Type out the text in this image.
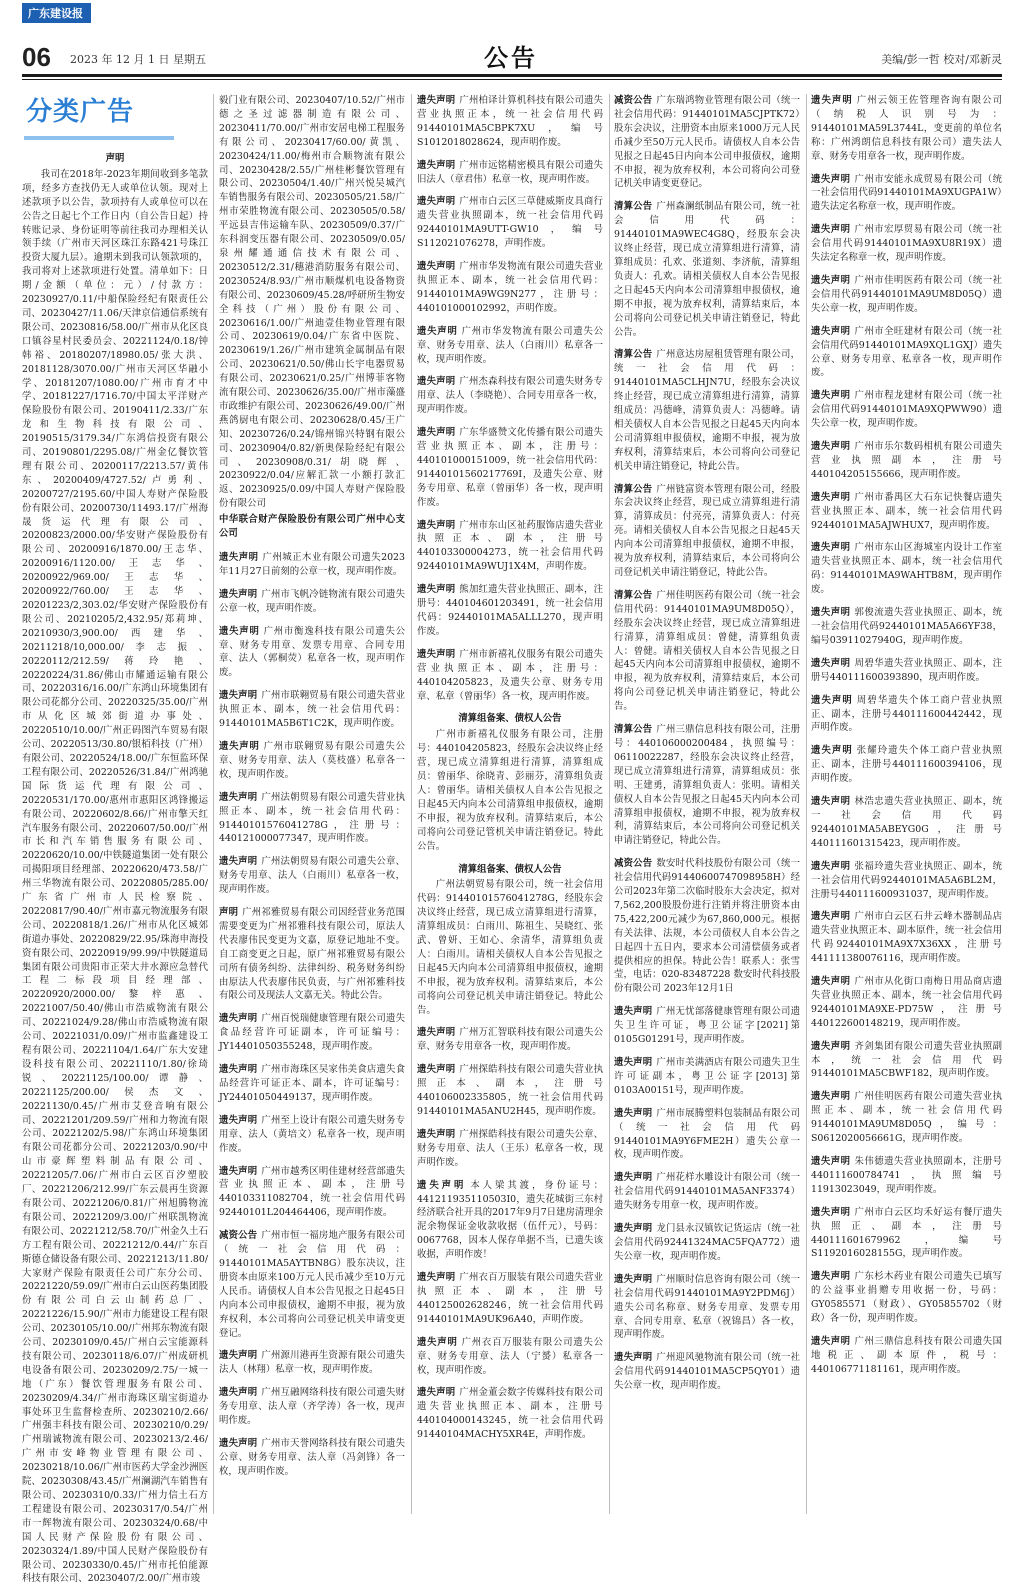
广东建设报
06 2023 年 12 月 1 日 星期五	公告	美编/彭一哲 校对/邓新灵
分类广告
声明
我司在2018年-2023年期间收到多笔款项，经多方查找仍无人或单位认领。现对上述款项予以公告，款项持有人或单位可以在公告之日起七个工作日内（自公告日起）持转账记录、身份证明等前往我司办理相关认领手续（广州市天河区珠江东路421号珠江投资大厦九层）。逾期未到我司认领款项的，我司将对上述款项进行处置。清单如下：日期/金额（单位：元）/付款方：20230927/0.11/中船保险经纪有限责任公司、20230427/11.06/天津京信通信系统有限公司、20230816/58.00/广州市从化区良口镇谷星村民委员会、20221124/0.18/钟韩裕、20180207/18980.05/张大洪、20181128/3070.00/广州市天河区华融小学、20181207/1080.00/广州市育才中学、20181227/1716.70/中国太平洋财产保险股份有限公司、20190411/2.33/广东龙和生物科技有限公司、20190515/3179.34/广东鸿信投资有限公司、20190801/2295.08/广州金亿餐饮管理有限公司、20200117/2213.57/黄伟东、20200409/4727.52/卢勇利、20200727/2195.60/中国人寿财产保险股份有限公司、20200730/11493.17/广州海晟货运代理有限公司、20200823/2000.00/华安财产保险股份有限公司、20200916/1870.00/王志华、20200916/1120.00/王志华、20200922/969.00/王志华、20200922/760.00/王志华、20201223/2,303.02/华安财产保险股份有限公司、20210205/2,432.95/郑莉坤、20210930/3,900.00/西建华、20211218/10,000.00/李志振、20220112/212.59/蒋玲艳、20220224/31.86/佛山市耀通运输有限公司、20220316/16.00/广东鸿山环境集团有限公司花都分公司、20220325/35.00/广州市从化区城郊街道办事处、20220510/10.00/广州正码图汽车贸易有限公司、20220513/30.80/银栢科技（广州）有限公司、20220524/18.00/广东恒监环保工程有限公司、20220526/31.84/广州鸿驰国际货运代理有限公司、20220531/170.00/惠州市惠阳区鸿锋搬运有限公司、20220602/8.66/广州市擎天红汽车服务有限公司、20220607/50.00/广州市长和汽车销售服务有限公司、20220620/10.00/中铁隧道集团一处有限公司揭阳项目经理部、20220620/473.58/广州三华物流有限公司、20220805/285.00/广东省广州市人民检察院、20220817/90.40/广州市嘉元物流服务有限公司、20220818/1.26/广州市从化区城郊街道办事处、20220829/22.95/珠海申海投资有限公司、20220919/99.99/中铁隧道局集团有限公司贵阳市正荣大井水源应急替代工程二标段项目经理部、20220920/2000.00/黎梓惠、20221007/50.40/佛山市浩威物流有限公司、20221024/9.28/佛山市浩威物流有限公司、20221031/0.09/广州市监鑫建设工程有限公司、20221104/1.64/广东大安建设科技有限公司、20221110/1.80/徐琦锐、20221125/100.00/谭静、20221125/200.00/侯杰文、20221130/0.45/广州市艾登音响有限公司、20221201/209.59/广州和力物流有限公司、20221202/5.98/广东鸿山环境集团有限公司花都分公司、20221203/0.90/中山市豪辉塑料制品有限公司、20221205/7.06/广州市白云区百汐塑胶厂、20221206/212.99/广东云晨再生资源有限公司、20221206/0.81/广州旭腾物流有限公司、20221209/3.00/广州联凯物流有限公司、20221212/58.70/广州金久土石方工程有限公司、20221212/0.44/广东百斯德仓储设备有限公司、20221213/11.80/大家财产保险有限责任公司广东分公司、20221220/59.09/广州市白云山医药集团股份有限公司白云山制药总厂、20221226/15.90/广州市力能建设工程有限公司、20230105/10.00/广州邦东物流有限公司、20230109/0.45/广州白云宝能源科技有限公司、20230118/6.07/广州成研机电设备有限公司、20230209/2.75/一城一地（广东）餐饮管理服务有限公司、20230209/4.34/广州市海珠区瑞宝街道办事处环卫生监督检查所、20230210/2.66/广州强丰科技有限公司、20230210/0.29/广州瑞诚物流有限公司、20230213/2.46/广州市安峰物业管理有限公司、20230218/10.06/广州市医药大学金沙洲医院、20230308/43.45/广州澜湖汽车销售有限公司、20230310/0.33/广州力信土石方工程建设有限公司、20230317/0.54/广州市一辉物流有限公司、20230324/0.68/中国人民财产保险股份有限公司、20230324/1.89/中国人民财产保险股份有限公司、20230330/0.45/广州市托伯能源科技有限公司、20230407/2.00/广州市竣
毅门业有限公司、20230407/10.52/广州市德之圣过滤器制造有限公司、20230411/70.00/广州市安居电梯工程服务有限公司、20230417/60.00/黄凯、20230424/11.00/梅州市合顺物流有限公司、20230428/2.55/广州桂彬餐饮管理有限公司、20230504/1.40/广州兴悦吴城汽车销售服务有限公司、20230505/21.58/广州市荣胜物流有限公司、20230505/0.58/平远县吉伟运输车队、20230509/0.37/广东科润变压器有限公司、20230509/0.05/泉州耀通通信技术有限公司、20230512/2.31/穗港消防服务有限公司、20230524/8.93/广州市顺煤机电设备物资有限公司、20230609/45.28/呼研所生物安全科技（广州）股份有限公司、20230616/1.00/广州迪壹佳物业管理有限公司、20230619/0.04/广东省中医院、20230619/1.26/广州市建筑金属制品有限公司、20230621/0.50/佛山长宇电器贸易有限公司、20230621/0.25/广州博菲客物流有限公司、20230626/35.00/广州市藻盛市政维护有限公司、20230626/49.00/广州燕鸽厨电有限公司、20230628/0.45/王广知、20230726/0.24/锦州锦兴特钢有限公司、20230904/0.82/新奥保险经纪有限公司、20230908/0.31/胡晓辉、20230922/0.04/应解汇款一小额打款汇返、20230925/0.09/中国人寿财产保险股份有限公司
中华联合财产保险股份有限公司广州中心支公司
遗失声明 广州城正木业有限公司遗失2023年11月27日前刻的公章一枚，现声明作废。
遗失声明 广州市飞帆冷链物流有限公司遗失公章一枚，现声明作废。
遗失声明 广州市衡逸科技有限公司遗失公章、财务专用章、发票专用章、合同专用章、法人（郭桐荧）私章各一枚，现声明作废。
遗失声明 广州市联翱贸易有限公司遗失营业执照正本、副本，统一社会信用代码：91440101MA5B6T1C2K，现声明作废。
遗失声明 广州市联翱贸易有限公司遗失公章、财务专用章、法人（莫枝盛）私章各一枚，现声明作废。
遗失声明 广州法朝贸易有限公司遗失营业执照正本、副本，统一社会信用代码：91440101576041278G，注册号：440121000077347，现声明作废。
遗失声明 广州法朝贸易有限公司遗失公章、财务专用章、法人（白雨川）私章各一枚，现声明作废。
声明 广州祁雅贸易有限公司因经营业务范围需要变更为广州祁雅科技有限公司，原法人代表廖伟民变更为文嘉，原登记地址不变。自工商变更之日起，原广州祁雅贸易有限公司所有债务纠纷、法律纠纷、税务财务纠纷由原法人代表廖伟民负责，与广州祁雅科技有限公司及现法人文嘉无关。特此公告。
遗失声明 广州百悦瑞健康管理有限公司遗失食品经营许可证副本，许可证编号：JY14401050355248，现声明作废。
遗失声明 广州市海珠区吴家伟美食店遗失食品经营许可证正本、副本，许可证编号：JY24401050449137，现声明作废。
遗失声明 广州至上设计有限公司遗失财务专用章、法人（黄培文）私章各一枚，现声明作废。
遗失声明 广州市越秀区明佳建材经营部遗失营业执照正本、副本，注册号440103311082704，统一社会信用代码92440101L204464406，现声明作废。
减资公告 广州市恒一福房地产服务有限公司（统一社会信用代码：91440101MA5AYTBN8G）股东决议，注册资本由原来100万元人民币减少至10万元人民币。请债权人自本公告见报之日起45日内向本公司申报债权，逾期不申报，视为放弃权利，本公司将向公司登记机关申请变更登记。
遗失声明 广州源川港再生资源有限公司遗失法人（林翔）私章一枚，现声明作废。
遗失声明 广州互融网络科技有限公司遗失财务专用章、法人章（齐学涛）各一枚，现声明作废。
遗失声明 广州市天誉网络科技有限公司遗失公章、财务专用章、法人章（冯剑锋）各一枚，现声明作废。
遗失声明 广州柏译计算机科技有限公司遗失营业执照正本，统一社会信用代码91440101MA5CBPK7XU，编号S1012018028624，现声明作废。
遗失声明 广州市远铭精密模具有限公司遗失旧法人（章君伟）私章一枚，现声明作废。
遗失声明 广州市白云区三草健威斯皮具商行遗失营业执照副本，统一社会信用代码92440101MA9UTT-GW10，编号S112021076278，声明作废。
遗失声明 广州市华发物流有限公司遗失营业执照正本、副本，统一社会信用代码：91440101MA9WG9N277，注册号：440101000102992，声明作废。
遗失声明 广州市华发物流有限公司遗失公章、财务专用章、法人（白雨川）私章各一枚，现声明作废。
遗失声明 广州杰森科技有限公司遗失财务专用章、法人（李晓艳）、合同专用章各一枚，现声明作废。
遗失声明 广东华盛赞文化传播有限公司遗失营业执照正本、副本，注册号：440101000151009，统一社会信用代码：91440101560217769I，及遗失公章、财务专用章、私章（曾丽华）各一枚，现声明作废。
遗失声明 广州市东山区祉药服饰店遗失营业执照正本、副本，注册号440103300004273，统一社会信用代码92440101MA9WUJ1X4M，声明作废。
遗失声明 熊加红遗失营业执照正、副本，注册号：440104601203491，统一社会信用代码：92440101MA5ALLL270，现声明作废。
遗失声明 广州市新禧礼仪服务有限公司遗失营业执照正本、副本，注册号：440104205823，及遗失公章、财务专用章、私章（曾丽华）各一枚，现声明作废。
清算组备案、债权人公告
广州市新禧礼仪服务有限公司，注册号：440104205823，经股东会决议终止经营，现已成立清算组进行清算，清算组成员：曾丽华、徐晓青、彭丽芬，清算组负责人：曾丽华。请相关债权人自本公告见报之日起45天内向本公司清算组申报债权，逾期不申报，视为放弃权利。清算结束后，本公司将向公司登记管机关申请注销登记。特此公告。
清算组备案、债权人公告
广州法朝贸易有限公司，统一社会信用代码：91440101576041278G，经股东会决议终止经营，现已成立清算组进行清算，清算组成员：白雨川、陈祖生、吴晓红、张武、曾妍、王如心、余清华，清算组负责人：白雨川。请相关债权人自本公告见报之日起45天内向本公司清算组申报债权，逾期不申报，视为放弃权利。清算结束后，本公司将向公司登记机关申请注销登记。特此公告。
遗失声明 广州万汇智联科技有限公司遗失公章、财务专用章各一枚，现声明作废。
遗失声明 广州探皓科技有限公司遗失营业执照正本、副本，注册号440106002335805，统一社会信用代码91440101MA5ANU2H45，现声明作废。
遗失声明 广州探皓科技有限公司遗失公章、财务专用章、法人（王乐）私章各一枚，现声明作废。
遗失声明 本人梁其渡，身份证号：441211935110503I0，遗失花城街三东村经济联合社开具的2017年9月7日建房清理余泥余物保证金收款收据（伍仟元），号码：0067768，因本人保存单据不当，已遗失该收据，声明作废！
遗失声明 广州衣百万服装有限公司遗失营业执照正本、副本，注册号440125002628246，统一社会信用代码91440101MA9UK96A40，声明作废。
遗失声明 广州衣百万服装有限公司遗失公章、财务专用章、法人（宁赟）私章各一枚，现声明作废。
遗失声明 广州金董会数字传媒科技有限公司遗失营业执照正本、副本，注册号440104000143245，统一社会信用代码91440104MACHY5XR4E，声明作废。
减资公告 广东瑞鸿物业管理有限公司（统一社会信用代码：91440101MA5CJPTK72）股东会决议，注册资本由原来1000万元人民币减少至50万元人民币。请债权人自本公告见报之日起45日内向本公司申报债权，逾期不申报，视为放弃权利，本公司将向公司登记机关申请变更登记。
清算公告 广州森澜纸制品有限公司，统一社会信用代码：91440101MA9WEC4G8Q，经股东会决议终止经营，现已成立清算组进行清算，清算组成员：孔欢、张道刻、李济航，清算组负责人：孔欢。请相关债权人自本公告见报之日起45天内向本公司清算组申报债权，逾期不申报，视为放弃权利，清算结束后，本公司将向公司登记机关申请注销登记，特此公告。
清算公告 广州意达房屋租赁管理有限公司，统一社会信用代码：91440101MA5CLHJN7U，经股东会决议终止经营，现已成立清算组进行清算，清算组成员：冯德峰，清算负责人：冯德峰。请相关债权人自本公告见报之日起45天内向本公司清算组申报债权，逾期不申报，视为放弃权利，清算结束后，本公司将向公司登记机关申请注销登记，特此公告。
清算公告 广州链富资本管理有限公司，经股东会决议终止经营，现已成立清算组进行清算，清算成员：付亮亮，清算负责人：付亮亮。请相关债权人自本公告见报之日起45天内向本公司清算组申报债权，逾期不申报，视为放弃权利，清算结束后，本公司将向公司登记机关申请注销登记，特此公告。
清算公告 广州佳明医药有限公司（统一社会信用代码：91440101MA9UM8D05Q），经股东会决议终止经营，现已成立清算组进行清算，清算组成员：曾健，清算组负责人：曾健。请相关债权人自本公告见报之日起45天内向本公司清算组申报债权，逾期不申报，视为放弃权利，清算结束后，本公司将向公司登记机关申请注销登记，特此公告。
清算公告 广州三鼎信息科技有限公司，注册号：440106000200484，执照编号：06110022287，经股东会决议终止经营，现已成立清算组进行清算，清算组成员：张明、王建勇，清算组负责人：张明。请相关债权人自本公告见报之日起45天内向本公司清算组申报债权，逾期不申报，视为放弃权利，清算结束后，本公司将向公司登记机关申请注销登记，特此公告。
减资公告 数安时代科技股份有限公司（统一社会信用代码91440600747098958H）经公司2023年第二次临时股东大会决定，拟对7,562,200股股份进行注销并将注册资本由75,422,200元减少为67,860,000元。根据有关法律、法规，本公司债权人自本公告之日起四十五日内，要求本公司清偿债务或者提供相应的担保。特此公告！联系人：张雪莹，电话：020-83487228 数安时代科技股份有限公司 2023年12月1日
遗失声明 广州无忧部落健康管理有限公司遗失卫生许可证，粤卫公证字[2021]第0105G01291号，现声明作废。
遗失声明 广州市美满酒店有限公司遗失卫生许可证副本，粤卫公证字[2013]第0103A00151号，现声明作废。
遗失声明 广州市展腾塑料包装制品有限公司（统一社会信用代码91440101MA9Y6FME2H）遗失公章一枚，现声明作废。
遗失声明 广州花样水雕设计有限公司（统一社会信用代码91440101MA5ANF3374）遗失财务专用章一枚，现声明作废。
遗失声明 龙门县永汉镇钦记货运店（统一社会信用代码92441324MAC5FQA772）遗失公章一枚，现声明作废。
遗失声明 广州顺时信息咨询有限公司（统一社会信用代码91440101MA9Y2PDM6J）遗失公司名称章、财务专用章、发票专用章、合同专用章、私章（祝锦昌）各一枚，现声明作废。
遗失声明 广州迎风驰物流有限公司（统一社会信用代码91440101MA5CP5QY01）遗失公章一枚，现声明作废。
遗失声明 广州云领王佐管理咨询有限公司（纳税人识别号为：91440101MA59L3744L，变更前的单位名称：广州鸿朗信息科技有限公司）遗失法人章、财务专用章各一枚，现声明作废。
遗失声明 广州市安能永成贸易有限公司（统一社会信用代码91440101MA9XUGPA1W）遗失法定名称章一枚，现声明作废。
遗失声明 广州市宏厚贸易有限公司（统一社会信用代码91440101MA9XU8R19X）遗失法定名称章一枚，现声明作废。
遗失声明 广州市佳明医药有限公司（统一社会信用代码91440101MA9UM8D05Q）遗失公章一枚，现声明作废。
遗失声明 广州市全旺建材有限公司（统一社会信用代码91440101MA9XQL1GXJ）遗失公章、财务专用章、私章各一枚，现声明作废。
遗失声明 广州市程龙建材有限公司（统一社会信用代码91440101MA9XQPWW90）遗失公章一枚，现声明作废。
遗失声明 广州市乐尔数码相机有限公司遗失营业执照副本，注册号440104205155666，现声明作废。
遗失声明 广州市番禺区大石东记快餐店遗失营业执照正本、副本，统一社会信用代码92440101MA5AJWHUX7，现声明作废。
遗失声明 广州市东山区海城室内设计工作室遗失营业执照正本、副本，统一社会信用代码：91440101MA9WAHTB8M，现声明作废。
遗失声明 郭俊流遗失营业执照正、副本，统一社会信用代码92440101MA5A66YF38，编号03911027940G，现声明作废。
遗失声明 周碧华遗失营业执照正、副本，注册号440111600393890，现声明作废。
遗失声明 周碧华遗失个体工商户营业执照正、副本，注册号440111600442442，现声明作废。
遗失声明 张耀玲遗失个体工商户营业执照正、副本，注册号440111600394106，现声明作废。
遗失声明 林浩忠遗失营业执照正、副本，统一社会信用代码92440101MA5ABEYG0G，注册号440111601315423，现声明作废。
遗失声明 张福玲遗失营业执照正、副本，统一社会信用代码92440101MA5A6BL2M，注册号440111600931037，现声明作废。
遗失声明 广州市白云区石井云峰木器制品店遗失营业执照正本、副本原件，统一社会信用代码92440101MA9X7X36XX，注册号441111380076116，现声明作废。
遗失声明 广州市从化街口南梅日用品商店遗失营业执照正本、副本，统一社会信用代码92440101MA9XE-PD75W，注册号440122600148219，现声明作废。
遗失声明 齐剑集团有限公司遗失营业执照副本，统一社会信用代码91440101MA5CBWF182，现声明作废。
遗失声明 广州佳明医药有限公司遗失营业执照正本、副本，统一社会信用代码91440101MA9UM8D05Q，编号：S0612020056661G，现声明作废。
遗失声明 朱伟德遗失营业执照副本，注册号440111600784741，执照编号11913023049，现声明作废。
遗失声明 广州市白云区均禾好运有餐厅遗失执照正、副本，注册号440111601679962，编号S1192016028155G，现声明作废。
遗失声明 广东杉木药业有限公司遗失已填写的公益事业捐赠专用收据一份，号码：GY0585571（财政）、GY05855702（财政）各一份，现声明作废。
遗失声明 广州三鼎信息科技有限公司遗失国地税正、副本原件，税号：440106771181161，现声明作废。
